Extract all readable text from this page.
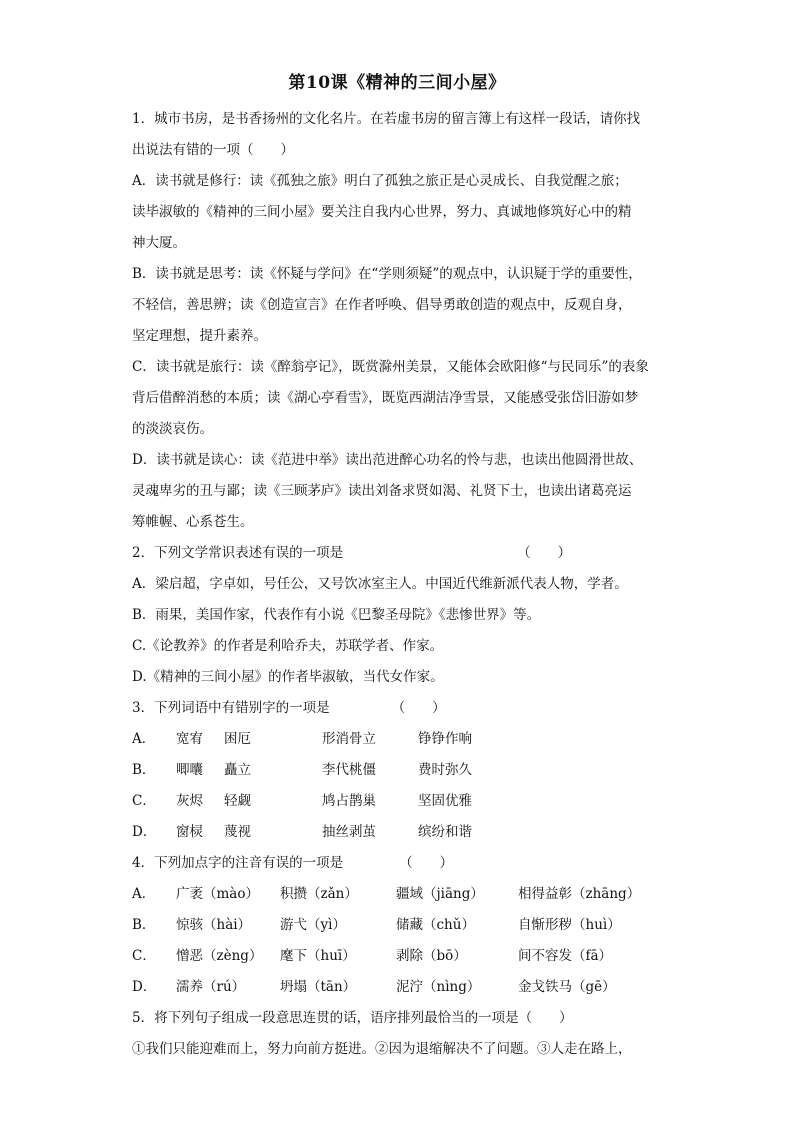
第10课《精神的三间小屋》
1．城市书房，是书香扬州的文化名片。在若虚书房的留言簿上有这样一段话，请你找
出说法有错的一项（　　）
A．读书就是修行：读《孤独之旅》明白了孤独之旅正是心灵成长、自我觉醒之旅；
读毕淑敏的《精神的三间小屋》要关注自我内心世界，努力、真诚地修筑好心中的精
神大厦。
B．读书就是思考：读《怀疑与学问》在“学则须疑”的观点中，认识疑于学的重要性，
不轻信，善思辨；读《创造宣言》在作者呼唤、倡导勇敢创造的观点中，反观自身，
坚定理想，提升素养。
C．读书就是旅行：读《醉翁亭记》，既赏滁州美景，又能体会欧阳修“与民同乐”的表象
背后借醉消愁的本质；读《湖心亭看雪》，既览西湖洁净雪景，又能感受张岱旧游如梦
的淡淡哀伤。
D．读书就是读心：读《范进中举》读出范进醉心功名的怜与悲，也读出他圆滑世故、
灵魂卑劣的丑与鄙；读《三顾茅庐》读出刘备求贤如渴、礼贤下士，也读出诸葛亮运
筹帷幄、心系苍生。
2．下列文学常识表述有误的一项是	（　　）
A．梁启超，字卓如，号任公，又号饮冰室主人。中国近代维新派代表人物，学者。
B．雨果，美国作家，代表作有小说《巴黎圣母院》《悲惨世界》等。
C.《论教养》的作者是利哈乔夫，苏联学者、作家。
D.《精神的三间小屋》的作者毕淑敏，当代女作家。
3．下列词语中有错别字的一项是	（　　）
A．	宽宥	困厄	形消骨立	铮铮作响
B．	唧囔	矗立	李代桃僵	费时弥久
C．	灰烬	轻觑	鸠占鹊巢	坚固优雅
D．	窗棂	蔑视	抽丝剥茧	缤纷和谐
4．下列加点字的注音有误的一项是	（　　）
A．	广袤（mào）	积攒（zǎn）	疆域（jiāng）	相得益彰（zhāng）
B．	惊骇（hài）	游弋（yì）	储藏（chǔ）	自惭形秽（huì）
C．	憎恶（zèng）	麾下（huī）	剥除（bō）	间不容发（fā）
D．	濡养（rú）	坍塌（tān）	泥泞（nìng）	金戈铁马（gē）
5．将下列句子组成一段意思连贯的话，语序排列最恰当的一项是（　　）
①我们只能迎难而上，努力向前方挺进。②因为退缩解决不了问题。③人走在路上，
